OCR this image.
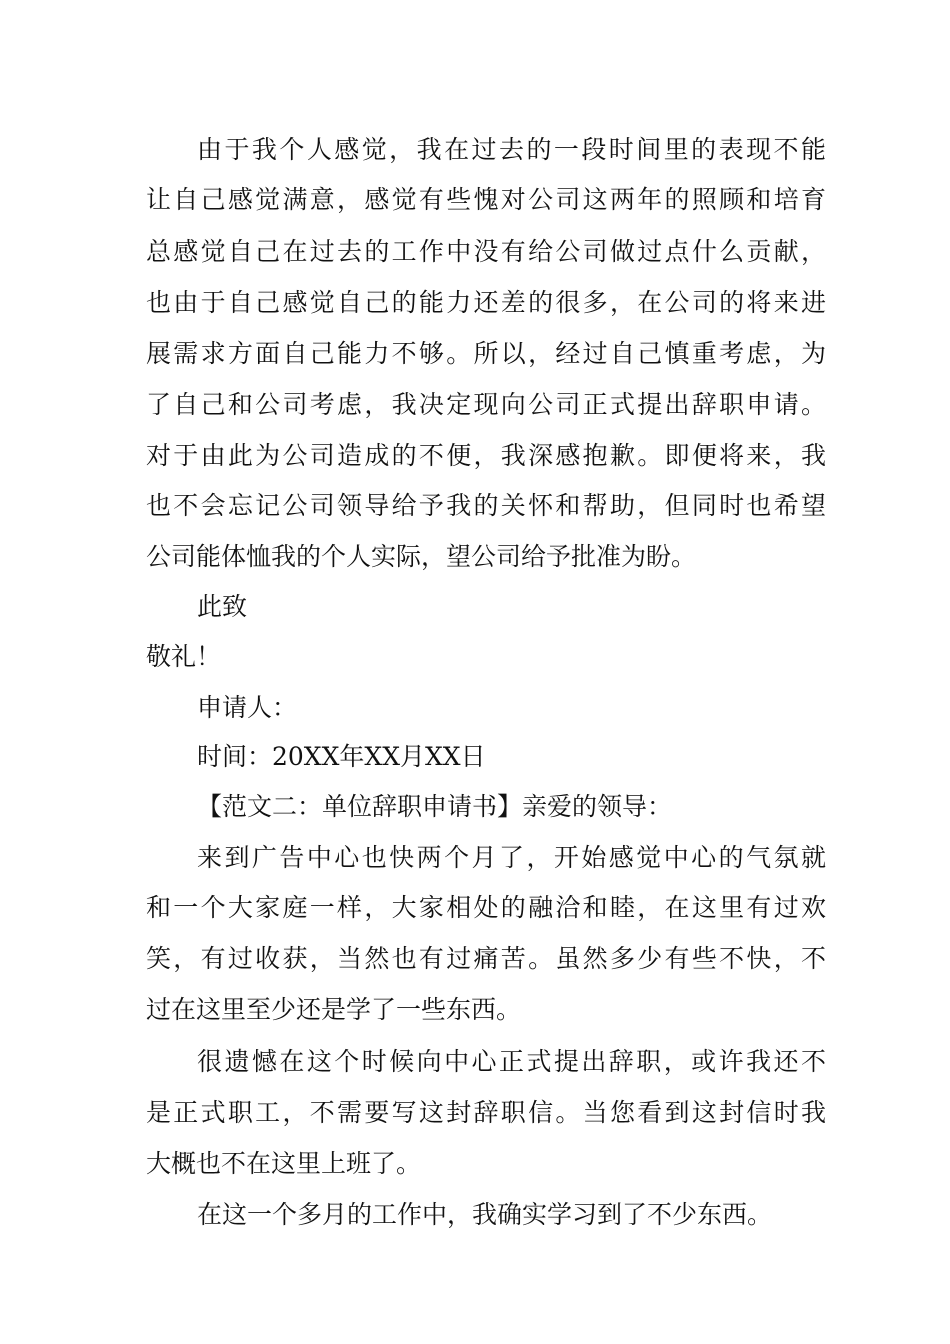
由于我个人感觉，我在过去的一段时间里的表现不能
让自己感觉满意，感觉有些愧对公司这两年的照顾和培育
总感觉自己在过去的工作中没有给公司做过点什么贡献，
也由于自己感觉自己的能力还差的很多，在公司的将来进
展需求方面自己能力不够。所以，经过自己慎重考虑，为
了自己和公司考虑，我决定现向公司正式提出辞职申请。
对于由此为公司造成的不便，我深感抱歉。即便将来，我
也不会忘记公司领导给予我的关怀和帮助，但同时也希望
公司能体恤我的个人实际，望公司给予批准为盼。
此致
敬礼！
申请人：
时间：20XX年XX月XX日
【范文二：单位辞职申请书】亲爱的领导：
来到广告中心也快两个月了，开始感觉中心的气氛就
和一个大家庭一样，大家相处的融洽和睦，在这里有过欢
笑，有过收获，当然也有过痛苦。虽然多少有些不快，不
过在这里至少还是学了一些东西。
很遗憾在这个时候向中心正式提出辞职，或许我还不
是正式职工，不需要写这封辞职信。当您看到这封信时我
大概也不在这里上班了。
在这一个多月的工作中，我确实学习到了不少东西。
